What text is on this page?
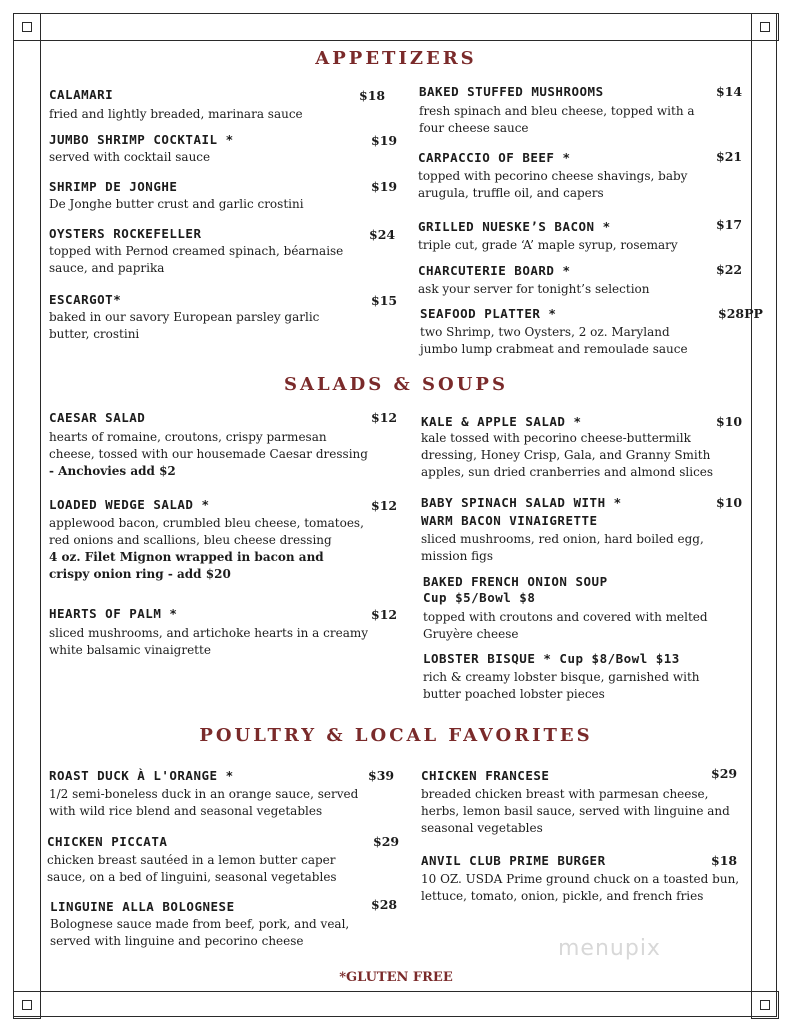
APPETIZERS
CALAMARI
fried and lightly breaded, marinara sauce
$18
JUMBO SHRIMP COCKTAIL *
served with cocktail sauce
$19
SHRIMP DE JONGHE
De Jonghe butter crust and garlic crostini
$19
OYSTERS ROCKEFELLER
topped with Pernod creamed spinach, béarnaise sauce, and paprika
$24
ESCARGOT*
baked in our savory European parsley garlic butter, crostini
$15
BAKED STUFFED MUSHROOMS
fresh spinach and bleu cheese, topped with a four cheese sauce
$14
CARPACCIO OF BEEF *
topped with pecorino cheese shavings, baby arugula, truffle oil, and capers
$21
GRILLED NUESKE’S BACON *
triple cut, grade ‘A’ maple syrup, rosemary
$17
CHARCUTERIE BOARD *
ask your server for tonight’s selection
$22
SEAFOOD PLATTER *
two Shrimp, two Oysters, 2 oz. Maryland jumbo lump crabmeat and remoulade sauce
$28PP
SALADS & SOUPS
CAESAR SALAD
hearts of romaine, croutons, crispy parmesan cheese, tossed with our housemade Caesar dressing
- Anchovies add $2
$12
LOADED WEDGE SALAD *
applewood bacon, crumbled bleu cheese, tomatoes, red onions and scallions, bleu cheese dressing
4 oz. Filet Mignon wrapped in bacon and crispy onion ring - add $20
$12
HEARTS OF PALM *
sliced mushrooms, and artichoke hearts in a creamy white balsamic vinaigrette
$12
KALE & APPLE SALAD *
kale tossed with pecorino cheese-buttermilk dressing, Honey Crisp, Gala, and Granny Smith apples, sun dried cranberries and almond slices
$10
BABY SPINACH SALAD WITH *
WARM BACON VINAIGRETTE
sliced mushrooms, red onion, hard boiled egg, mission figs
$10
BAKED FRENCH ONION SOUP
Cup $5/Bowl $8
topped with croutons and covered with melted Gruyère cheese
LOBSTER BISQUE * Cup $8/Bowl $13
rich & creamy lobster bisque, garnished with butter poached lobster pieces
POULTRY & LOCAL FAVORITES
ROAST DUCK À L'ORANGE *
1/2 semi-boneless duck in an orange sauce, served with wild rice blend and seasonal vegetables
$39
CHICKEN PICCATA
chicken breast sautéed in a lemon butter caper sauce, on a bed of linguini, seasonal vegetables
$29
LINGUINE ALLA BOLOGNESE
Bolognese sauce made from beef, pork, and veal, served with linguine and pecorino cheese
$28
CHICKEN FRANCESE
breaded chicken breast with parmesan cheese, herbs, lemon basil sauce, served with linguine and seasonal vegetables
$29
ANVIL CLUB PRIME BURGER
10 OZ. USDA Prime ground chuck on a toasted bun, lettuce, tomato, onion, pickle, and french fries
$18
menupix
*GLUTEN FREE
